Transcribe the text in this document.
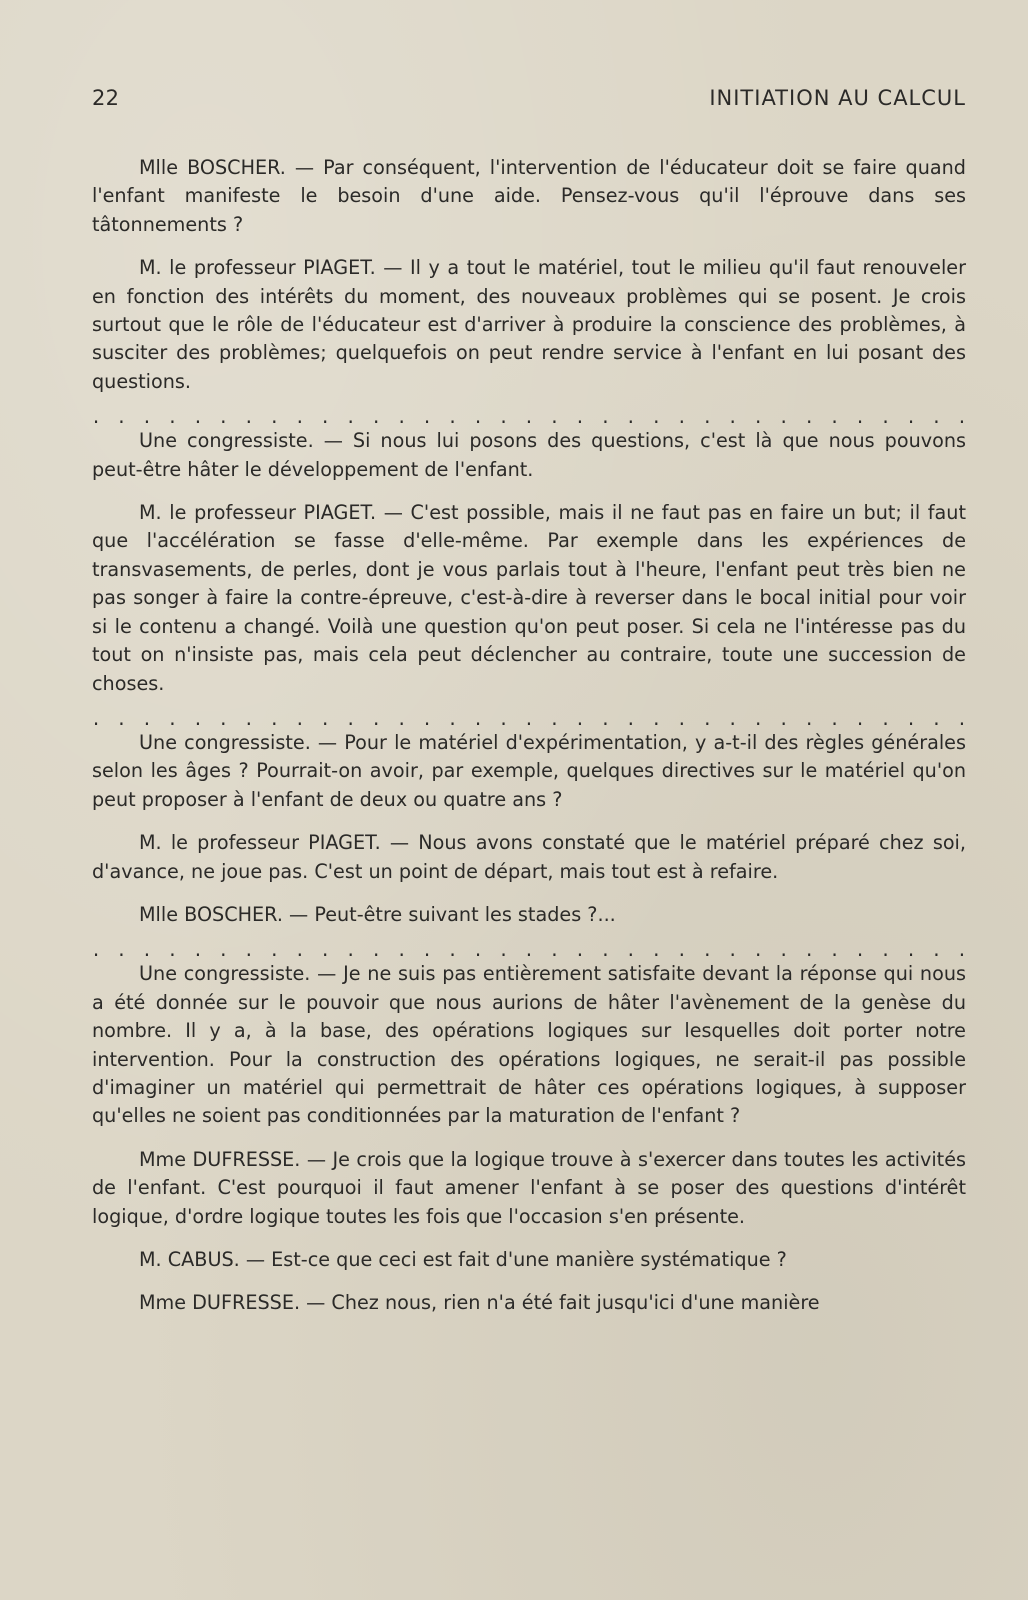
22	INITIATION AU CALCUL

Mlle BOSCHER. — Par conséquent, l'intervention de l'éducateur doit se faire quand l'enfant manifeste le besoin d'une aide. Pensez-vous qu'il l'éprouve dans ses tâtonnements ?

M. le professeur PIAGET. — Il y a tout le matériel, tout le milieu qu'il faut renouveler en fonction des intérêts du moment, des nouveaux problèmes qui se posent. Je crois surtout que le rôle de l'éducateur est d'arriver à produire la conscience des problèmes, à susciter des problèmes; quelquefois on peut rendre service à l'enfant en lui posant des questions.

. . . . . . . . . . . . . . . . . . . . . . . . . . . . . . . . . . .

Une congressiste. — Si nous lui posons des questions, c'est là que nous pouvons peut-être hâter le développement de l'enfant.

M. le professeur PIAGET. — C'est possible, mais il ne faut pas en faire un but; il faut que l'accélération se fasse d'elle-même. Par exemple dans les expériences de transvasements, de perles, dont je vous parlais tout à l'heure, l'enfant peut très bien ne pas songer à faire la contre-épreuve, c'est-à-dire à reverser dans le bocal initial pour voir si le contenu a changé. Voilà une question qu'on peut poser. Si cela ne l'intéresse pas du tout on n'insiste pas, mais cela peut déclencher au contraire, toute une succession de choses.

. . . . . . . . . . . . . . . . . . . . . . . . . . . . . . . . . . .

Une congressiste. — Pour le matériel d'expérimentation, y a-t-il des règles générales selon les âges ? Pourrait-on avoir, par exemple, quelques directives sur le matériel qu'on peut proposer à l'enfant de deux ou quatre ans ?

M. le professeur PIAGET. — Nous avons constaté que le matériel préparé chez soi, d'avance, ne joue pas. C'est un point de départ, mais tout est à refaire.

Mlle BOSCHER. — Peut-être suivant les stades ?...

. . . . . . . . . . . . . . . . . . . . . . . . . . . . . . . . . . .

Une congressiste. — Je ne suis pas entièrement satisfaite devant la réponse qui nous a été donnée sur le pouvoir que nous aurions de hâter l'avènement de la genèse du nombre. Il y a, à la base, des opérations logiques sur lesquelles doit porter notre intervention. Pour la construction des opérations logiques, ne serait-il pas possible d'imaginer un matériel qui permettrait de hâter ces opérations logiques, à supposer qu'elles ne soient pas conditionnées par la maturation de l'enfant ?

Mme DUFRESSE. — Je crois que la logique trouve à s'exercer dans toutes les activités de l'enfant. C'est pourquoi il faut amener l'enfant à se poser des questions d'intérêt logique, d'ordre logique toutes les fois que l'occasion s'en présente.

M. CABUS. — Est-ce que ceci est fait d'une manière systématique ?

Mme DUFRESSE. — Chez nous, rien n'a été fait jusqu'ici d'une manière
